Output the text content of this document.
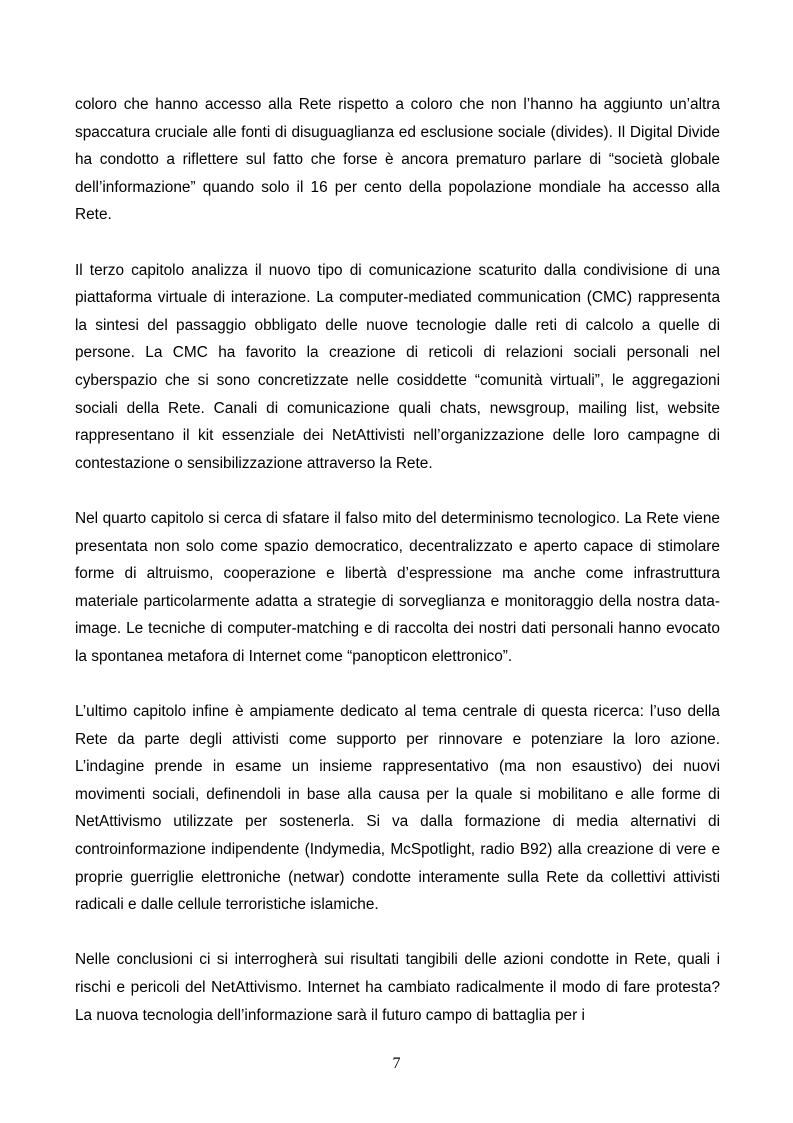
coloro che hanno accesso alla Rete rispetto a coloro che non l’hanno ha aggiunto un’altra spaccatura cruciale alle fonti di disuguaglianza ed esclusione sociale (divides). Il Digital Divide ha condotto a riflettere sul fatto che forse è ancora prematuro parlare di “società globale dell’informazione” quando solo il 16 per cento della popolazione mondiale ha accesso alla Rete.

Il terzo capitolo analizza il nuovo tipo di comunicazione scaturito dalla condivisione di una piattaforma virtuale di interazione. La computer-mediated communication (CMC) rappresenta la sintesi del passaggio obbligato delle nuove tecnologie dalle reti di calcolo a quelle di persone. La CMC ha favorito la creazione di reticoli di relazioni sociali personali nel cyberspazio che si sono concretizzate nelle cosiddette “comunità virtuali”, le aggregazioni sociali della Rete. Canali di comunicazione quali chats, newsgroup, mailing list, website rappresentano il kit essenziale dei NetAttivisti nell’organizzazione delle loro campagne di contestazione o sensibilizzazione attraverso la Rete.

Nel quarto capitolo si cerca di sfatare il falso mito del determinismo tecnologico. La Rete viene presentata non solo come spazio democratico, decentralizzato e aperto capace di stimolare forme di altruismo, cooperazione e libertà d’espressione ma anche come infrastruttura materiale particolarmente adatta a strategie di sorveglianza e monitoraggio della nostra data-image. Le tecniche di computer-matching e di raccolta dei nostri dati personali hanno evocato la spontanea metafora di Internet come “panopticon elettronico”.

L’ultimo capitolo infine è ampiamente dedicato al tema centrale di questa ricerca: l’uso della Rete da parte degli attivisti come supporto per rinnovare e potenziare la loro azione. L’indagine prende in esame un insieme rappresentativo (ma non esaustivo) dei nuovi movimenti sociali, definendoli in base alla causa per la quale si mobilitano e alle forme di NetAttivismo utilizzate per sostenerla. Si va dalla formazione di media alternativi di controinformazione indipendente (Indymedia, McSpotlight, radio B92) alla creazione di vere e proprie guerriglie elettroniche (netwar) condotte interamente sulla Rete da collettivi attivisti radicali e dalle cellule terroristiche islamiche.

Nelle conclusioni ci si interrogherà sui risultati tangibili delle azioni condotte in Rete, quali i rischi e pericoli del NetAttivismo. Internet ha cambiato radicalmente il modo di fare protesta? La nuova tecnologia dell’informazione sarà il futuro campo di battaglia per i

7
